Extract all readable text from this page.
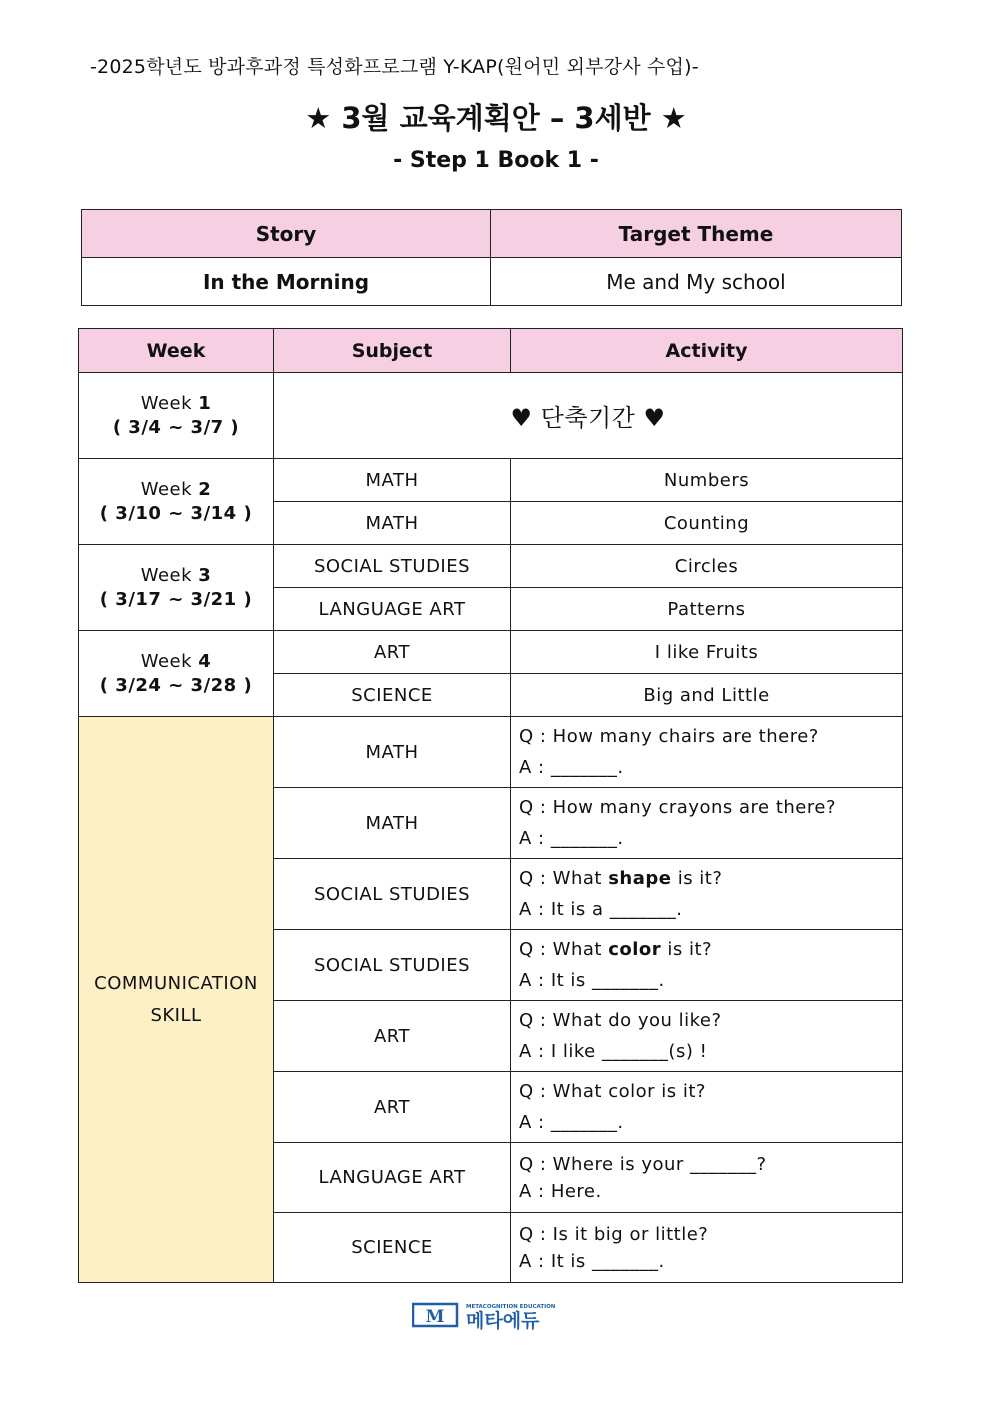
-2025학년도 방과후과정 특성화프로그램 Y-KAP(원어민 외부강사 수업)-
★ 3월 교육계획안 – 3세반 ★
- Step 1 Book 1 -
Story	Target Theme
In the Morning	Me and My school
Week	Subject	Activity
Week 1
( 3/4 ~ 3/7 )	♥ 단축기간 ♥	
Week 2
( 3/10 ~ 3/14 )	MATH	Numbers
	MATH	Counting
Week 3
( 3/17 ~ 3/21 )	SOCIAL STUDIES	Circles
	LANGUAGE ART	Patterns
Week 4
( 3/24 ~ 3/28 )	ART	I like Fruits
	SCIENCE	Big and Little
COMMUNICATION
SKILL	MATH	Q : How many chairs are there?
A : _______.

	MATH	Q : How many crayons are there?
A : _______.

	SOCIAL STUDIES	Q : What shape is it?
A : It is a _______.

	SOCIAL STUDIES	Q : What color is it?
A : It is _______.

	ART	Q : What do you like?
A : I like _______(s) !

	ART	Q : What color is it?
A : _______.

	LANGUAGE ART	Q : Where is your _______?
A : Here.

	SCIENCE	Q : Is it big or little?
A : It is _______.
M	METACOGNITION EDUCATION
메타에듀
